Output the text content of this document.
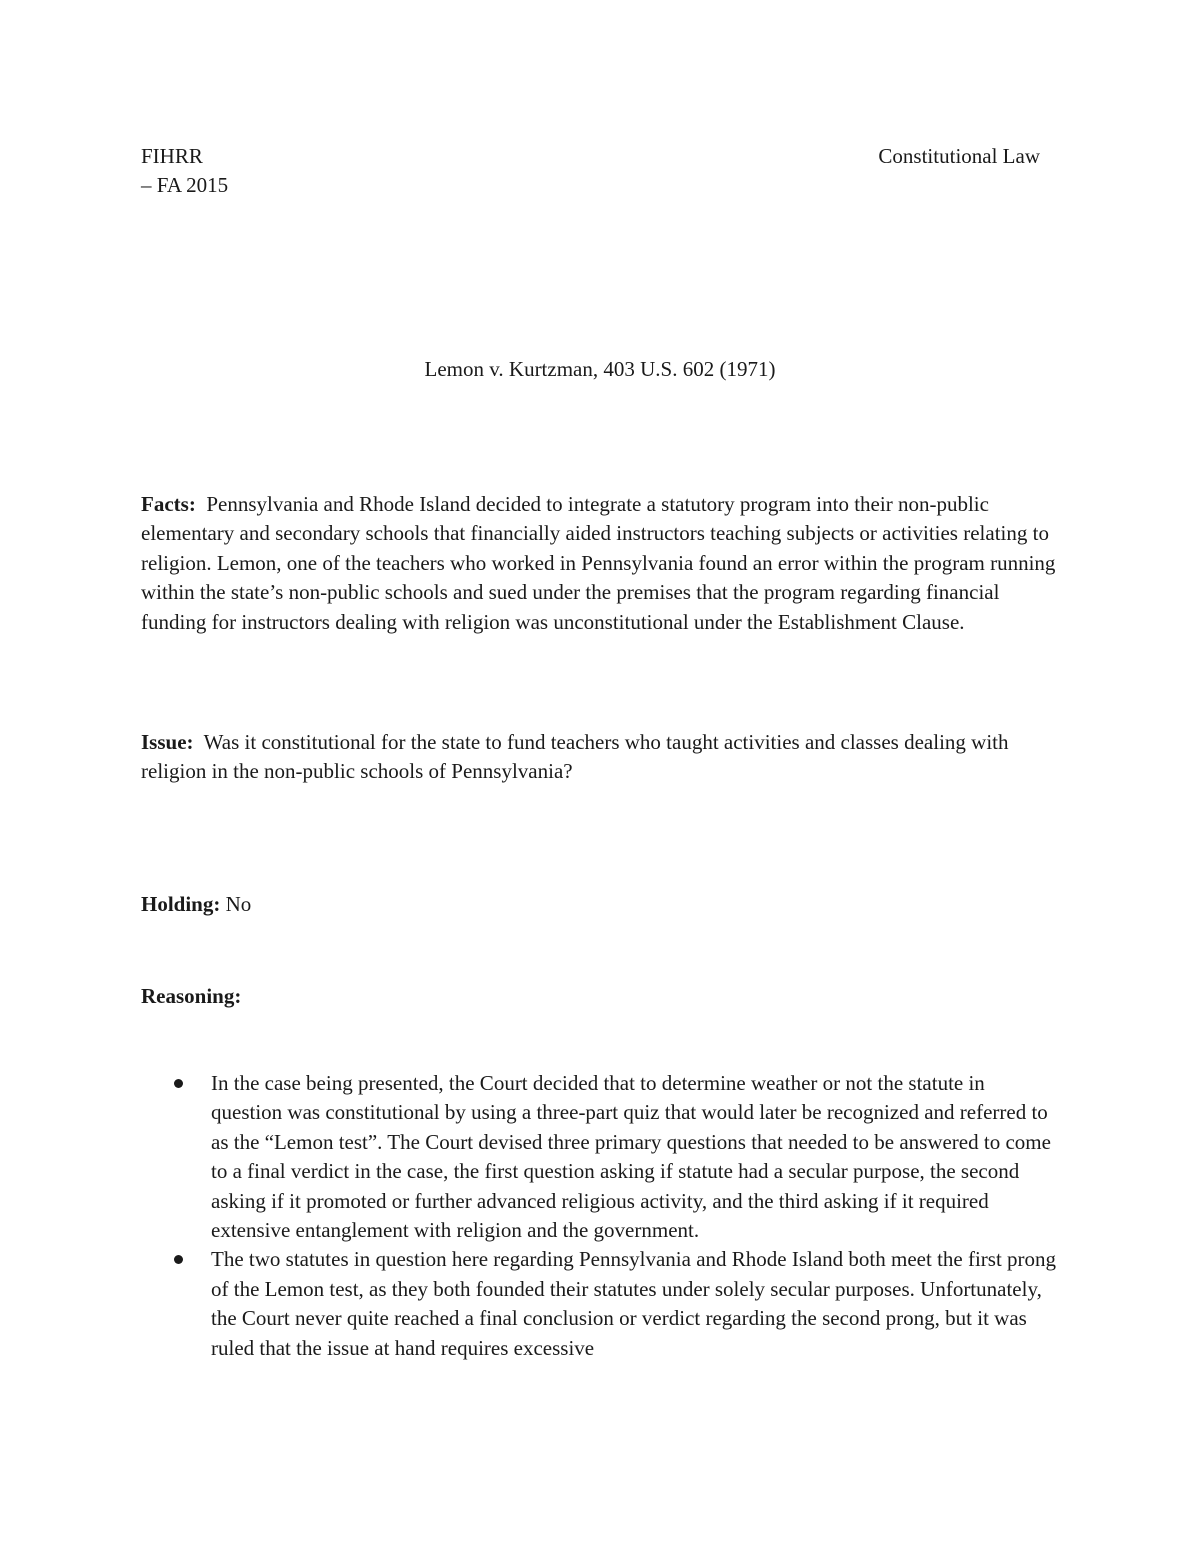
FIHRR
– FA 2015
Constitutional Law
Lemon v. Kurtzman, 403 U.S. 602 (1971)
Facts: Pennsylvania and Rhode Island decided to integrate a statutory program into their non-public elementary and secondary schools that financially aided instructors teaching subjects or activities relating to religion. Lemon, one of the teachers who worked in Pennsylvania found an error within the program running within the state’s non-public schools and sued under the premises that the program regarding financial funding for instructors dealing with religion was unconstitutional under the Establishment Clause.
Issue: Was it constitutional for the state to fund teachers who taught activities and classes dealing with religion in the non-public schools of Pennsylvania?
Holding: No
Reasoning:
In the case being presented, the Court decided that to determine weather or not the statute in question was constitutional by using a three-part quiz that would later be recognized and referred to as the “Lemon test”. The Court devised three primary questions that needed to be answered to come to a final verdict in the case, the first question asking if statute had a secular purpose, the second asking if it promoted or further advanced religious activity, and the third asking if it required extensive entanglement with religion and the government.
The two statutes in question here regarding Pennsylvania and Rhode Island both meet the first prong of the Lemon test, as they both founded their statutes under solely secular purposes. Unfortunately, the Court never quite reached a final conclusion or verdict regarding the second prong, but it was ruled that the issue at hand requires excessive
